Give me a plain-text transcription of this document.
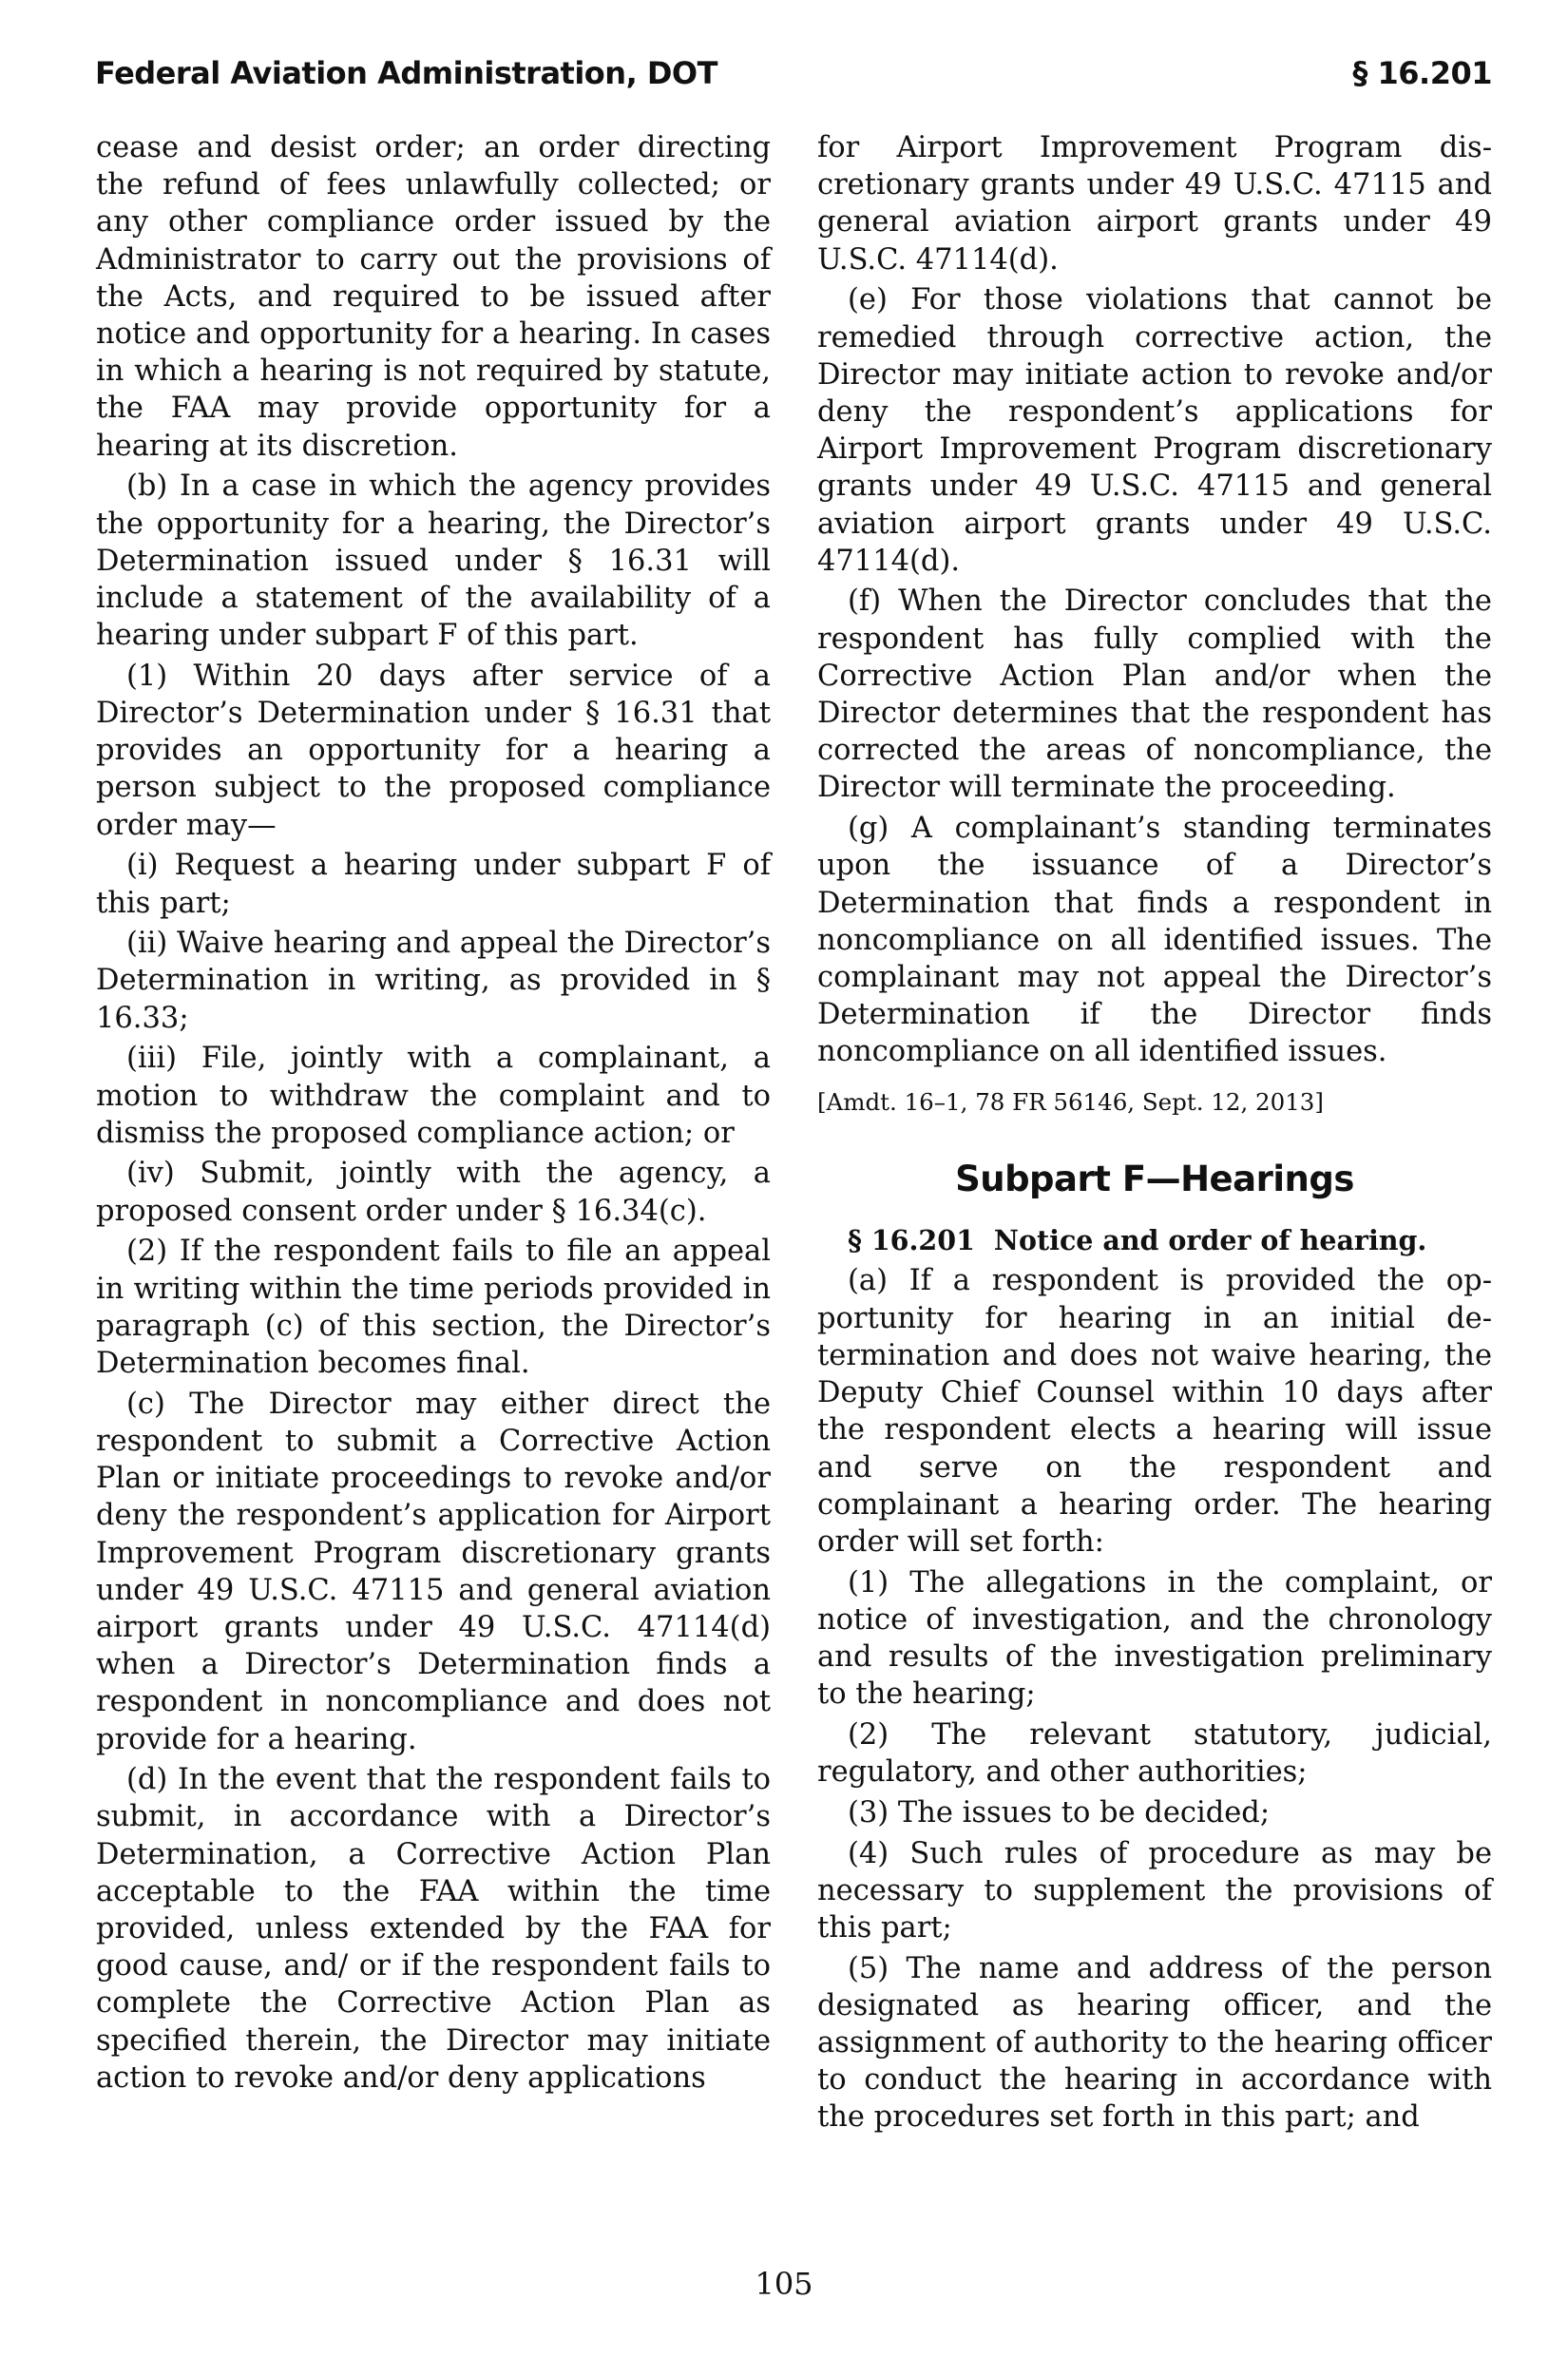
Federal Aviation Administration, DOT	§ 16.201

cease and desist order; an order directing the refund of fees unlawfully collected; or any other compliance order issued by the Administrator to carry out the provisions of the Acts, and required to be issued after notice and opportunity for a hearing. In cases in which a hearing is not required by statute, the FAA may provide opportunity for a hearing at its discretion.

(b) In a case in which the agency provides the opportunity for a hearing, the Director’s Determination issued under § 16.31 will include a statement of the availability of a hearing under subpart F of this part.

(1) Within 20 days after service of a Director’s Determination under § 16.31 that provides an opportunity for a hearing a person subject to the proposed compliance order may—

(i) Request a hearing under subpart F of this part;

(ii) Waive hearing and appeal the Director’s Determination in writing, as provided in § 16.33;

(iii) File, jointly with a complainant, a motion to withdraw the complaint and to dismiss the proposed compliance action; or

(iv) Submit, jointly with the agency, a proposed consent order under § 16.34(c).

(2) If the respondent fails to file an appeal in writing within the time periods provided in paragraph (c) of this section, the Director’s Determination becomes final.

(c) The Director may either direct the respondent to submit a Corrective Action Plan or initiate proceedings to revoke and/or deny the respondent’s application for Airport Improvement Program discretionary grants under 49 U.S.C. 47115 and general aviation airport grants under 49 U.S.C. 47114(d) when a Director’s Determination finds a respondent in noncompliance and does not provide for a hearing.

(d) In the event that the respondent fails to submit, in accordance with a Director’s Determination, a Corrective Action Plan acceptable to the FAA within the time provided, unless extended by the FAA for good cause, and/ or if the respondent fails to complete the Corrective Action Plan as specified therein, the Director may initiate action to revoke and/or deny applications

for Airport Improvement Program discretionary grants under 49 U.S.C. 47115 and general aviation airport grants under 49 U.S.C. 47114(d).

(e) For those violations that cannot be remedied through corrective action, the Director may initiate action to revoke and/or deny the respondent’s applications for Airport Improvement Program discretionary grants under 49 U.S.C. 47115 and general aviation airport grants under 49 U.S.C. 47114(d).

(f) When the Director concludes that the respondent has fully complied with the Corrective Action Plan and/or when the Director determines that the respondent has corrected the areas of noncompliance, the Director will terminate the proceeding.

(g) A complainant’s standing terminates upon the issuance of a Director’s Determination that finds a respondent in noncompliance on all identified issues. The complainant may not appeal the Director’s Determination if the Director finds noncompliance on all identified issues.

[Amdt. 16–1, 78 FR 56146, Sept. 12, 2013]

Subpart F—Hearings

§ 16.201 Notice and order of hearing.

(a) If a respondent is provided the opportunity for hearing in an initial determination and does not waive hearing, the Deputy Chief Counsel within 10 days after the respondent elects a hearing will issue and serve on the respondent and complainant a hearing order. The hearing order will set forth:

(1) The allegations in the complaint, or notice of investigation, and the chronology and results of the investigation preliminary to the hearing;

(2) The relevant statutory, judicial, regulatory, and other authorities;

(3) The issues to be decided;

(4) Such rules of procedure as may be necessary to supplement the provisions of this part;

(5) The name and address of the person designated as hearing officer, and the assignment of authority to the hearing officer to conduct the hearing in accordance with the procedures set forth in this part; and

105
